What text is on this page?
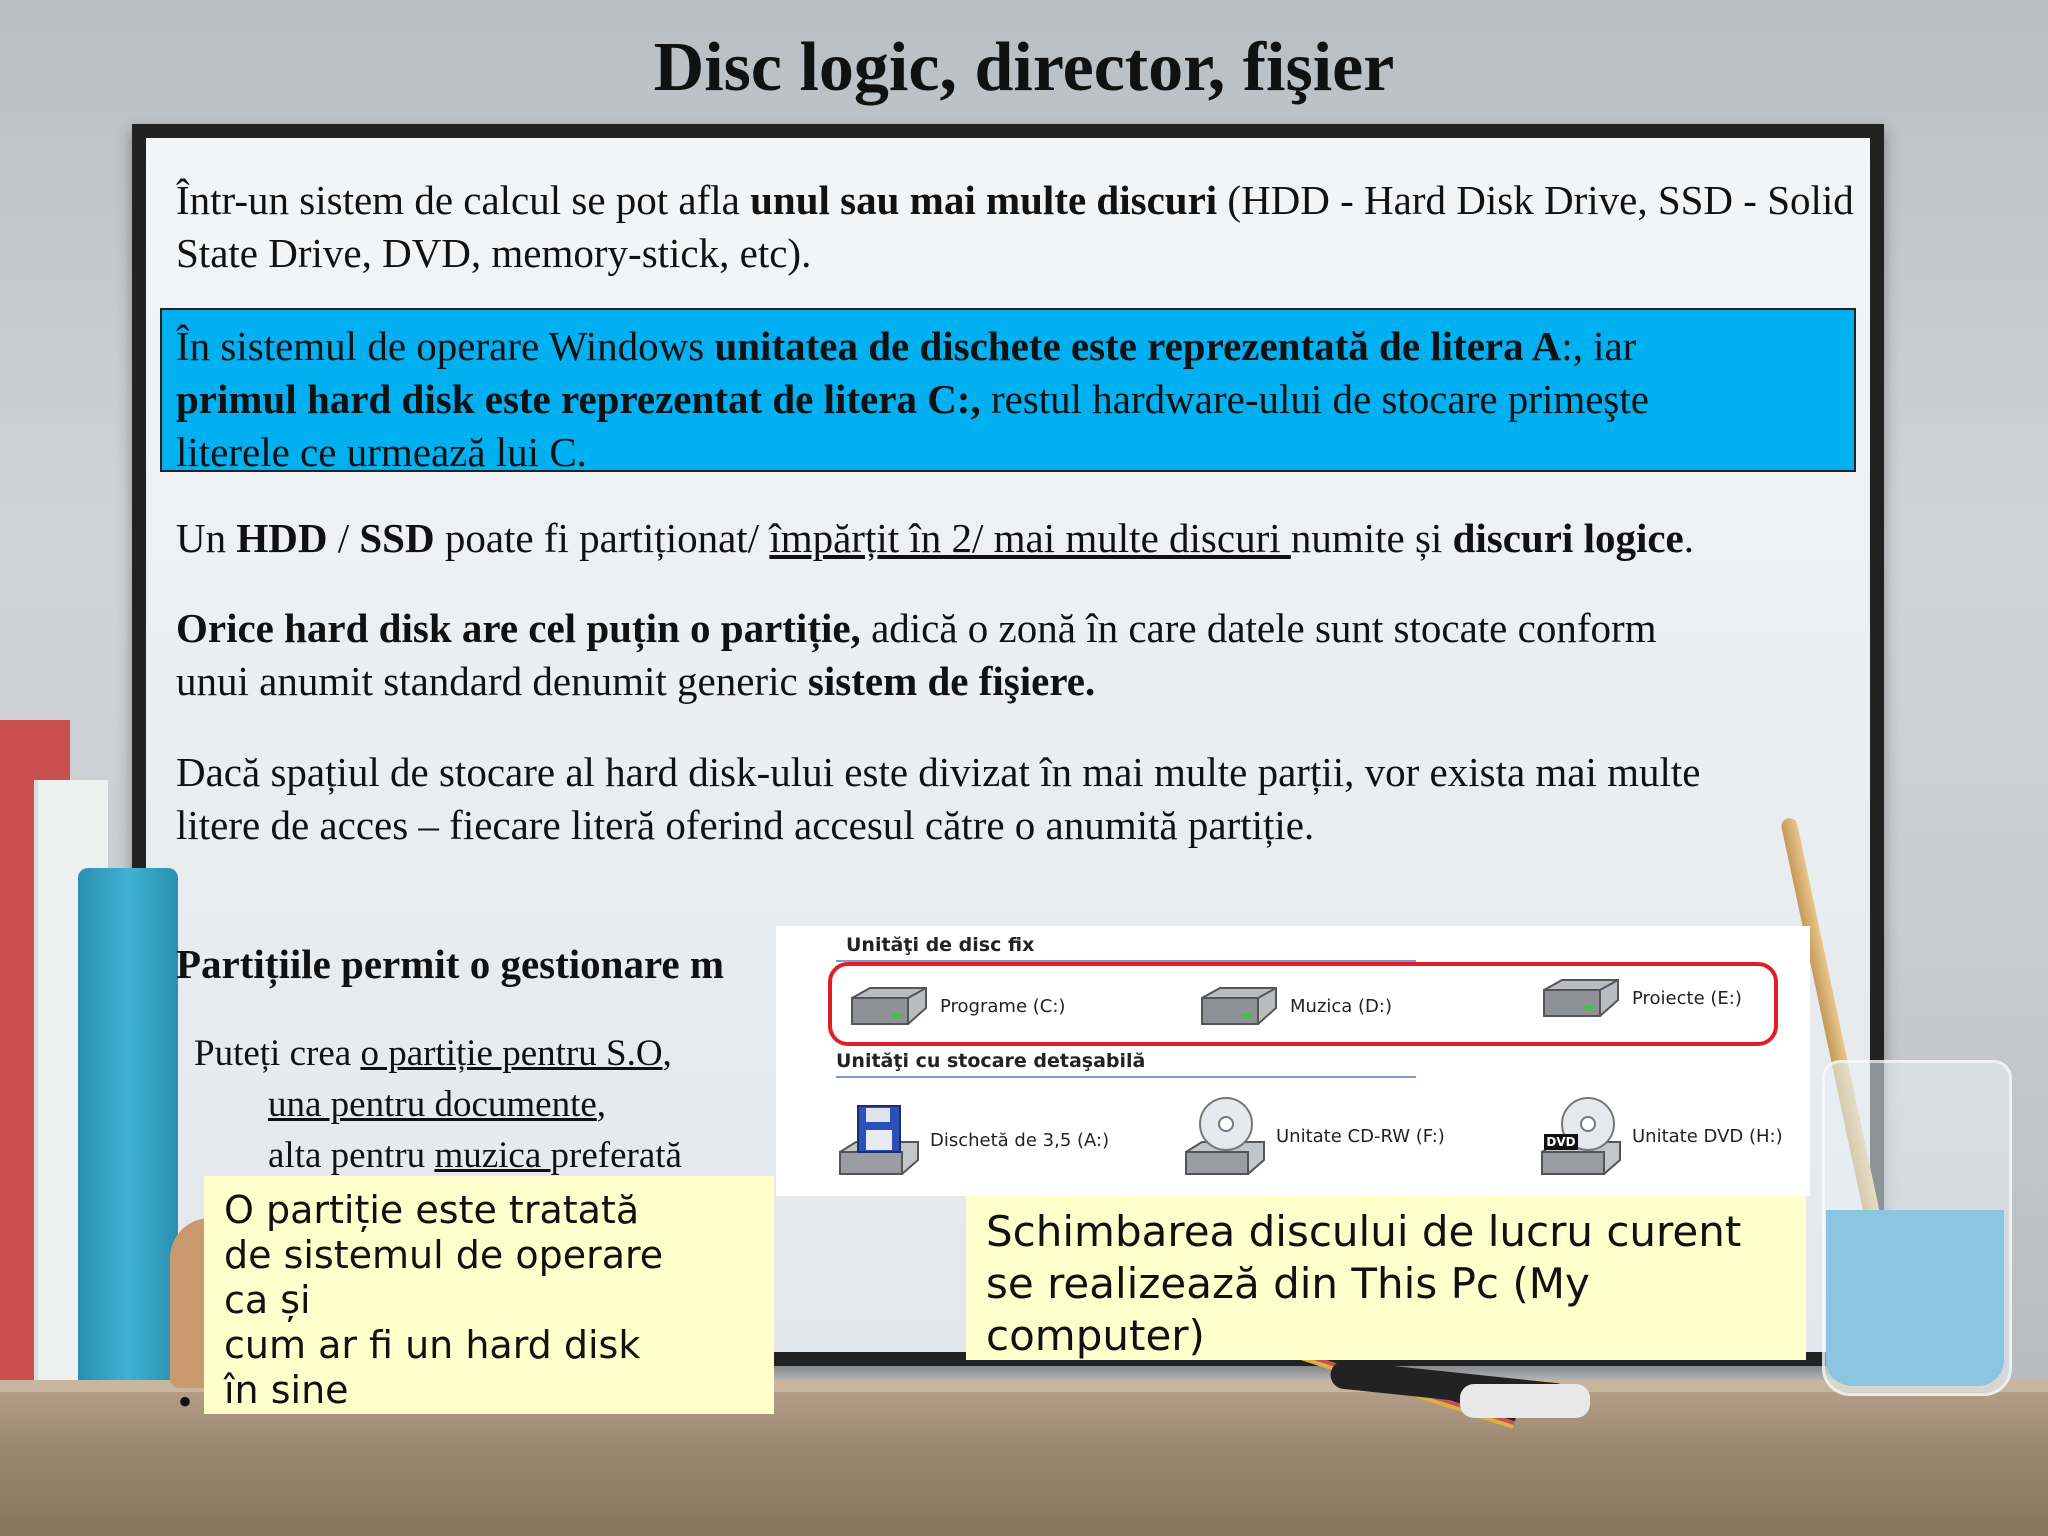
Disc logic, director, fişier
Într-un sistem de calcul se pot afla unul sau mai multe discuri (HDD - Hard Disk Drive, SSD - Solid State Drive, DVD, memory-stick, etc).
În sistemul de operare Windows unitatea de dischete este reprezentată de litera A:, iar
primul hard disk este reprezentat de litera C:, restul hardware-ului de stocare primeşte
literele ce urmează lui C.
Un HDD / SSD poate fi partiționat/ împărțit în 2/ mai multe discuri numite și discuri logice.
Orice hard disk are cel puțin o partiție, adică o zonă în care datele sunt stocate conform
unui anumit standard denumit generic sistem de fişiere.
Dacă spațiul de stocare al hard disk-ului este divizat în mai multe parții, vor exista mai multe
litere de acces – fiecare literă oferind accesul către o anumită partiție.
Partițiile permit o gestionare m
Puteți crea o partiție pentru S.O,
una pentru documente,
alta pentru muzica preferată
Unităţi de disc fix
Programe (C:)	Muzica (D:)	Proiecte (E:)
Unităţi cu stocare detaşabilă
Dischetă de 3,5 (A:)	Unitate CD-RW (F:)	DVD	Unitate DVD (H:)
O partiție este tratată
de sistemul de operare
ca și
cum ar fi un hard disk
în sine
•
Schimbarea discului de lucru curent
se realizează din This Pc (My
computer)
